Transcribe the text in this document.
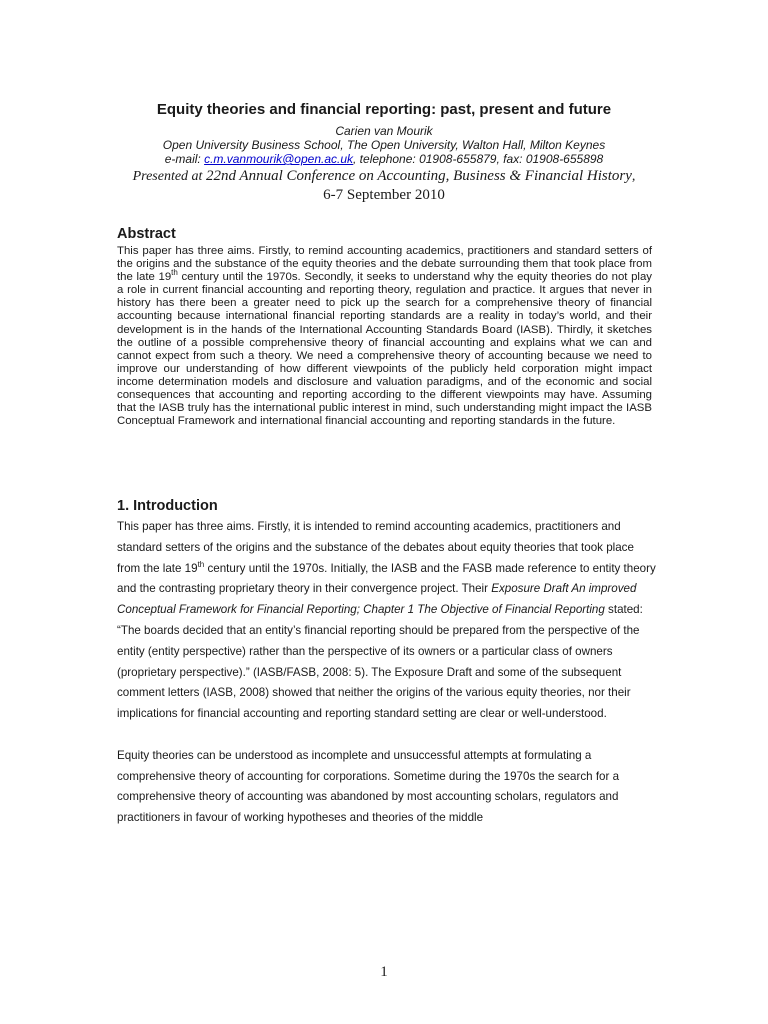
Equity theories and financial reporting: past, present and future
Carien van Mourik
Open University Business School, The Open University, Walton Hall, Milton Keynes
e-mail: c.m.vanmourik@open.ac.uk, telephone: 01908-655879, fax: 01908-655898
Presented at 22nd Annual Conference on Accounting, Business & Financial History,
6-7 September 2010
Abstract

This paper has three aims. Firstly, to remind accounting academics, practitioners and standard setters of the origins and the substance of the equity theories and the debate surrounding them that took place from the late 19th century until the 1970s. Secondly, it seeks to understand why the equity theories do not play a role in current financial accounting and reporting theory, regulation and practice. It argues that never in history has there been a greater need to pick up the search for a comprehensive theory of financial accounting because international financial reporting standards are a reality in today’s world, and their development is in the hands of the International Accounting Standards Board (IASB). Thirdly, it sketches the outline of a possible comprehensive theory of financial accounting and explains what we can and cannot expect from such a theory. We need a comprehensive theory of accounting because we need to improve our understanding of how different viewpoints of the publicly held corporation might impact income determination models and disclosure and valuation paradigms, and of the economic and social consequences that accounting and reporting according to the different viewpoints may have. Assuming that the IASB truly has the international public interest in mind, such understanding might impact the IASB Conceptual Framework and international financial accounting and reporting standards in the future.

1. Introduction

This paper has three aims. Firstly, it is intended to remind accounting academics, practitioners and standard setters of the origins and the substance of the debates about equity theories that took place from the late 19th century until the 1970s. Initially, the IASB and the FASB made reference to entity theory and the contrasting proprietary theory in their convergence project. Their Exposure Draft An improved Conceptual Framework for Financial Reporting; Chapter 1 The Objective of Financial Reporting stated: “The boards decided that an entity’s financial reporting should be prepared from the perspective of the entity (entity perspective) rather than the perspective of its owners or a particular class of owners (proprietary perspective).” (IASB/FASB, 2008: 5). The Exposure Draft and some of the subsequent comment letters (IASB, 2008) showed that neither the origins of the various equity theories, nor their implications for financial accounting and reporting standard setting are clear or well-understood.

Equity theories can be understood as incomplete and unsuccessful attempts at formulating a comprehensive theory of accounting for corporations. Sometime during the 1970s the search for a comprehensive theory of accounting was abandoned by most accounting scholars, regulators and practitioners in favour of working hypotheses and theories of the middle

1
